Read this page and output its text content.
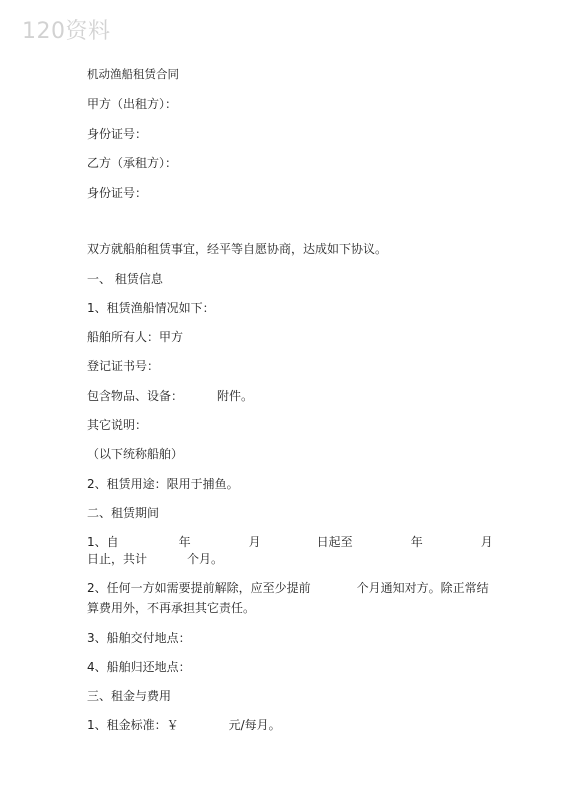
120资料
机动渔船租赁合同
甲方（出租方）：
身份证号：
乙方（承租方）：
身份证号：
双方就船舶租赁事宜，经平等自愿协商，达成如下协议。
一、 租赁信息
1、租赁渔船情况如下：
船舶所有人：甲方
登记证书号：
包含物品、设备：	附件。
其它说明：
（以下统称船舶）
2、租赁用途：限用于捕鱼。
二、租赁期间
1、自	年	月	日起至	年	月
日止，共计	个月。
2、任何一方如需要提前解除，应至少提前	个月通知对方。除正常结
算费用外，不再承担其它责任。
3、船舶交付地点：
4、船舶归还地点：
三、租金与费用
1、租金标准：￥	元/每月。
